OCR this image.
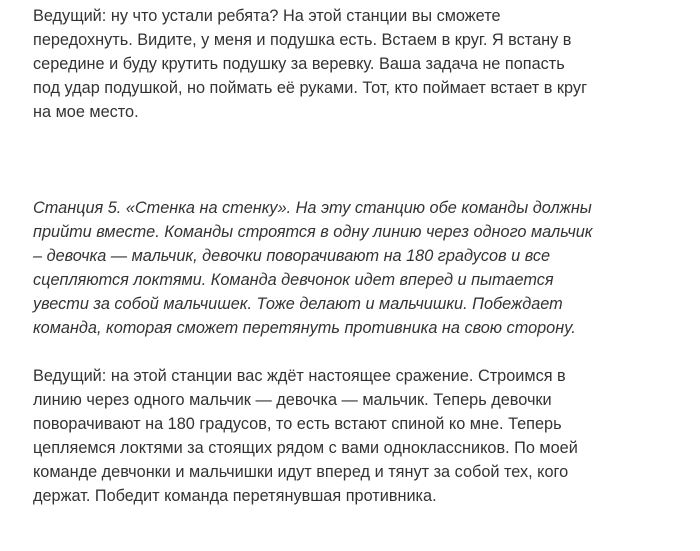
Ведущий: ну что устали ребята? На этой станции вы сможете передохнуть. Видите, у меня и подушка есть. Встаем в круг. Я встану в середине и буду крутить подушку за веревку. Ваша задача не попасть под удар подушкой, но поймать её руками. Тот, кто поймает встает в круг на мое место.

Станция 5. «Стенка на стенку». На эту станцию обе команды должны прийти вместе. Команды строятся в одну линию через одного мальчик – девочка — мальчик, девочки поворачивают на 180 градусов и все сцепляются локтями. Команда девчонок идет вперед и пытается увести за собой мальчишек. Тоже делают и мальчишки. Побеждает команда, которая сможет перетянуть противника на свою сторону.

Ведущий: на этой станции вас ждёт настоящее сражение. Строимся в линию через одного мальчик — девочка — мальчик. Теперь девочки поворачивают на 180 градусов, то есть встают спиной ко мне. Теперь цепляемся локтями за стоящих рядом с вами одноклассников. По моей команде девчонки и мальчишки идут вперед и тянут за собой тех, кого держат. Победит команда перетянувшая противника.
